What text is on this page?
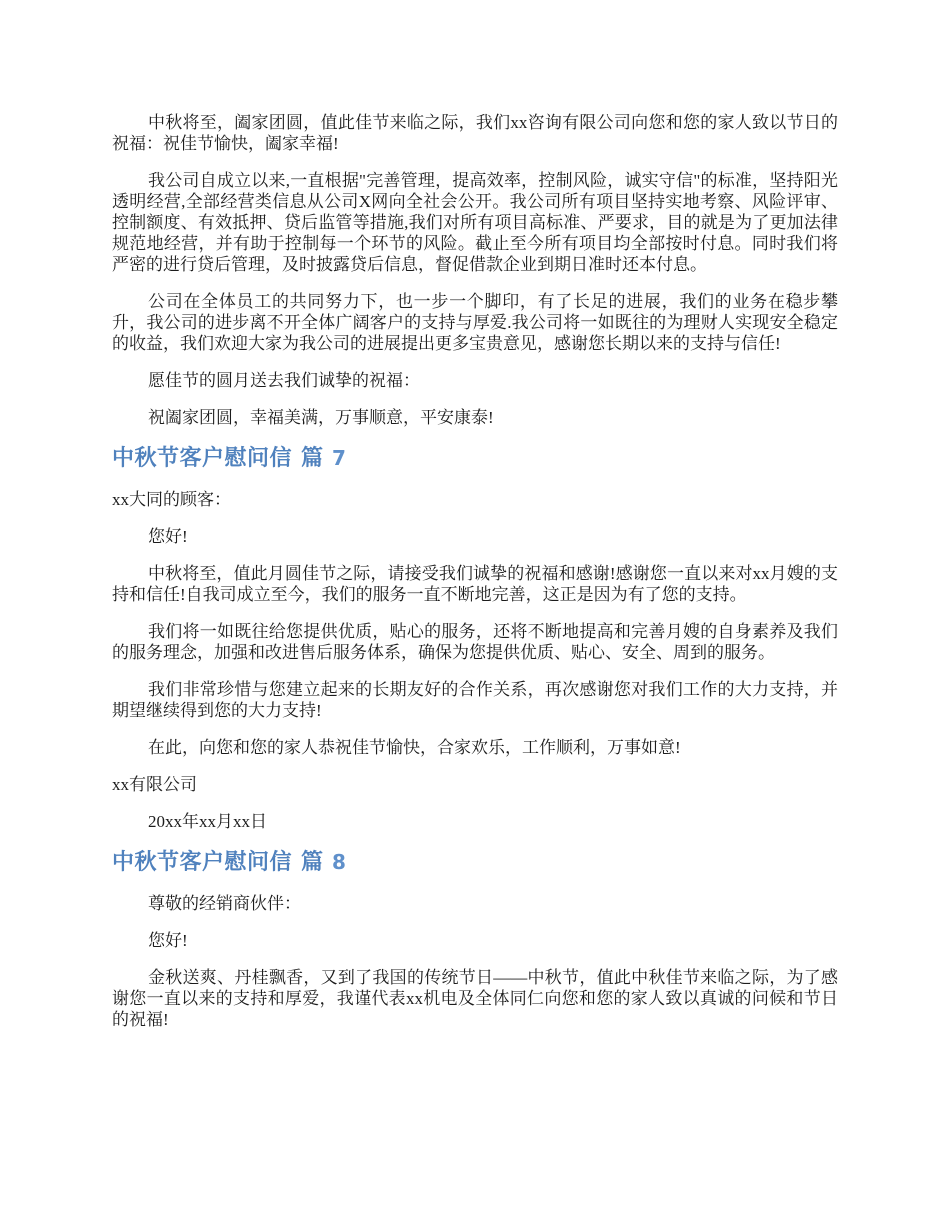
中秋将至，阖家团圆，值此佳节来临之际，我们xx咨询有限公司向您和您的家人致以节日的祝福：祝佳节愉快，阖家幸福!

我公司自成立以来,一直根据"完善管理，提高效率，控制风险，诚实守信"的标准，坚持阳光透明经营,全部经营类信息从公司X网向全社会公开。我公司所有项目坚持实地考察、风险评审、控制额度、有效抵押、贷后监管等措施,我们对所有项目高标准、严要求，目的就是为了更加法律规范地经营，并有助于控制每一个环节的风险。截止至今所有项目均全部按时付息。同时我们将严密的进行贷后管理，及时披露贷后信息，督促借款企业到期日准时还本付息。

公司在全体员工的共同努力下，也一步一个脚印，有了长足的进展，我们的业务在稳步攀升，我公司的进步离不开全体广阔客户的支持与厚爱.我公司将一如既往的为理财人实现安全稳定的收益，我们欢迎大家为我公司的进展提出更多宝贵意见，感谢您长期以来的支持与信任!

愿佳节的圆月送去我们诚挚的祝福：

祝阖家团圆，幸福美满，万事顺意，平安康泰!

中秋节客户慰问信 篇 7

xx大同的顾客：

您好!

中秋将至，值此月圆佳节之际，请接受我们诚挚的祝福和感谢!感谢您一直以来对xx月嫂的支持和信任!自我司成立至今，我们的服务一直不断地完善，这正是因为有了您的支持。

我们将一如既往给您提供优质，贴心的服务，还将不断地提高和完善月嫂的自身素养及我们的服务理念，加强和改进售后服务体系，确保为您提供优质、贴心、安全、周到的服务。

我们非常珍惜与您建立起来的长期友好的合作关系，再次感谢您对我们工作的大力支持，并期望继续得到您的大力支持!

在此，向您和您的家人恭祝佳节愉快，合家欢乐，工作顺利，万事如意!

xx有限公司

20xx年xx月xx日

中秋节客户慰问信 篇 8

尊敬的经销商伙伴：

您好!

金秋送爽、丹桂飘香，又到了我国的传统节日——中秋节，值此中秋佳节来临之际，为了感谢您一直以来的支持和厚爱，我谨代表xx机电及全体同仁向您和您的家人致以真诚的问候和节日的祝福!
